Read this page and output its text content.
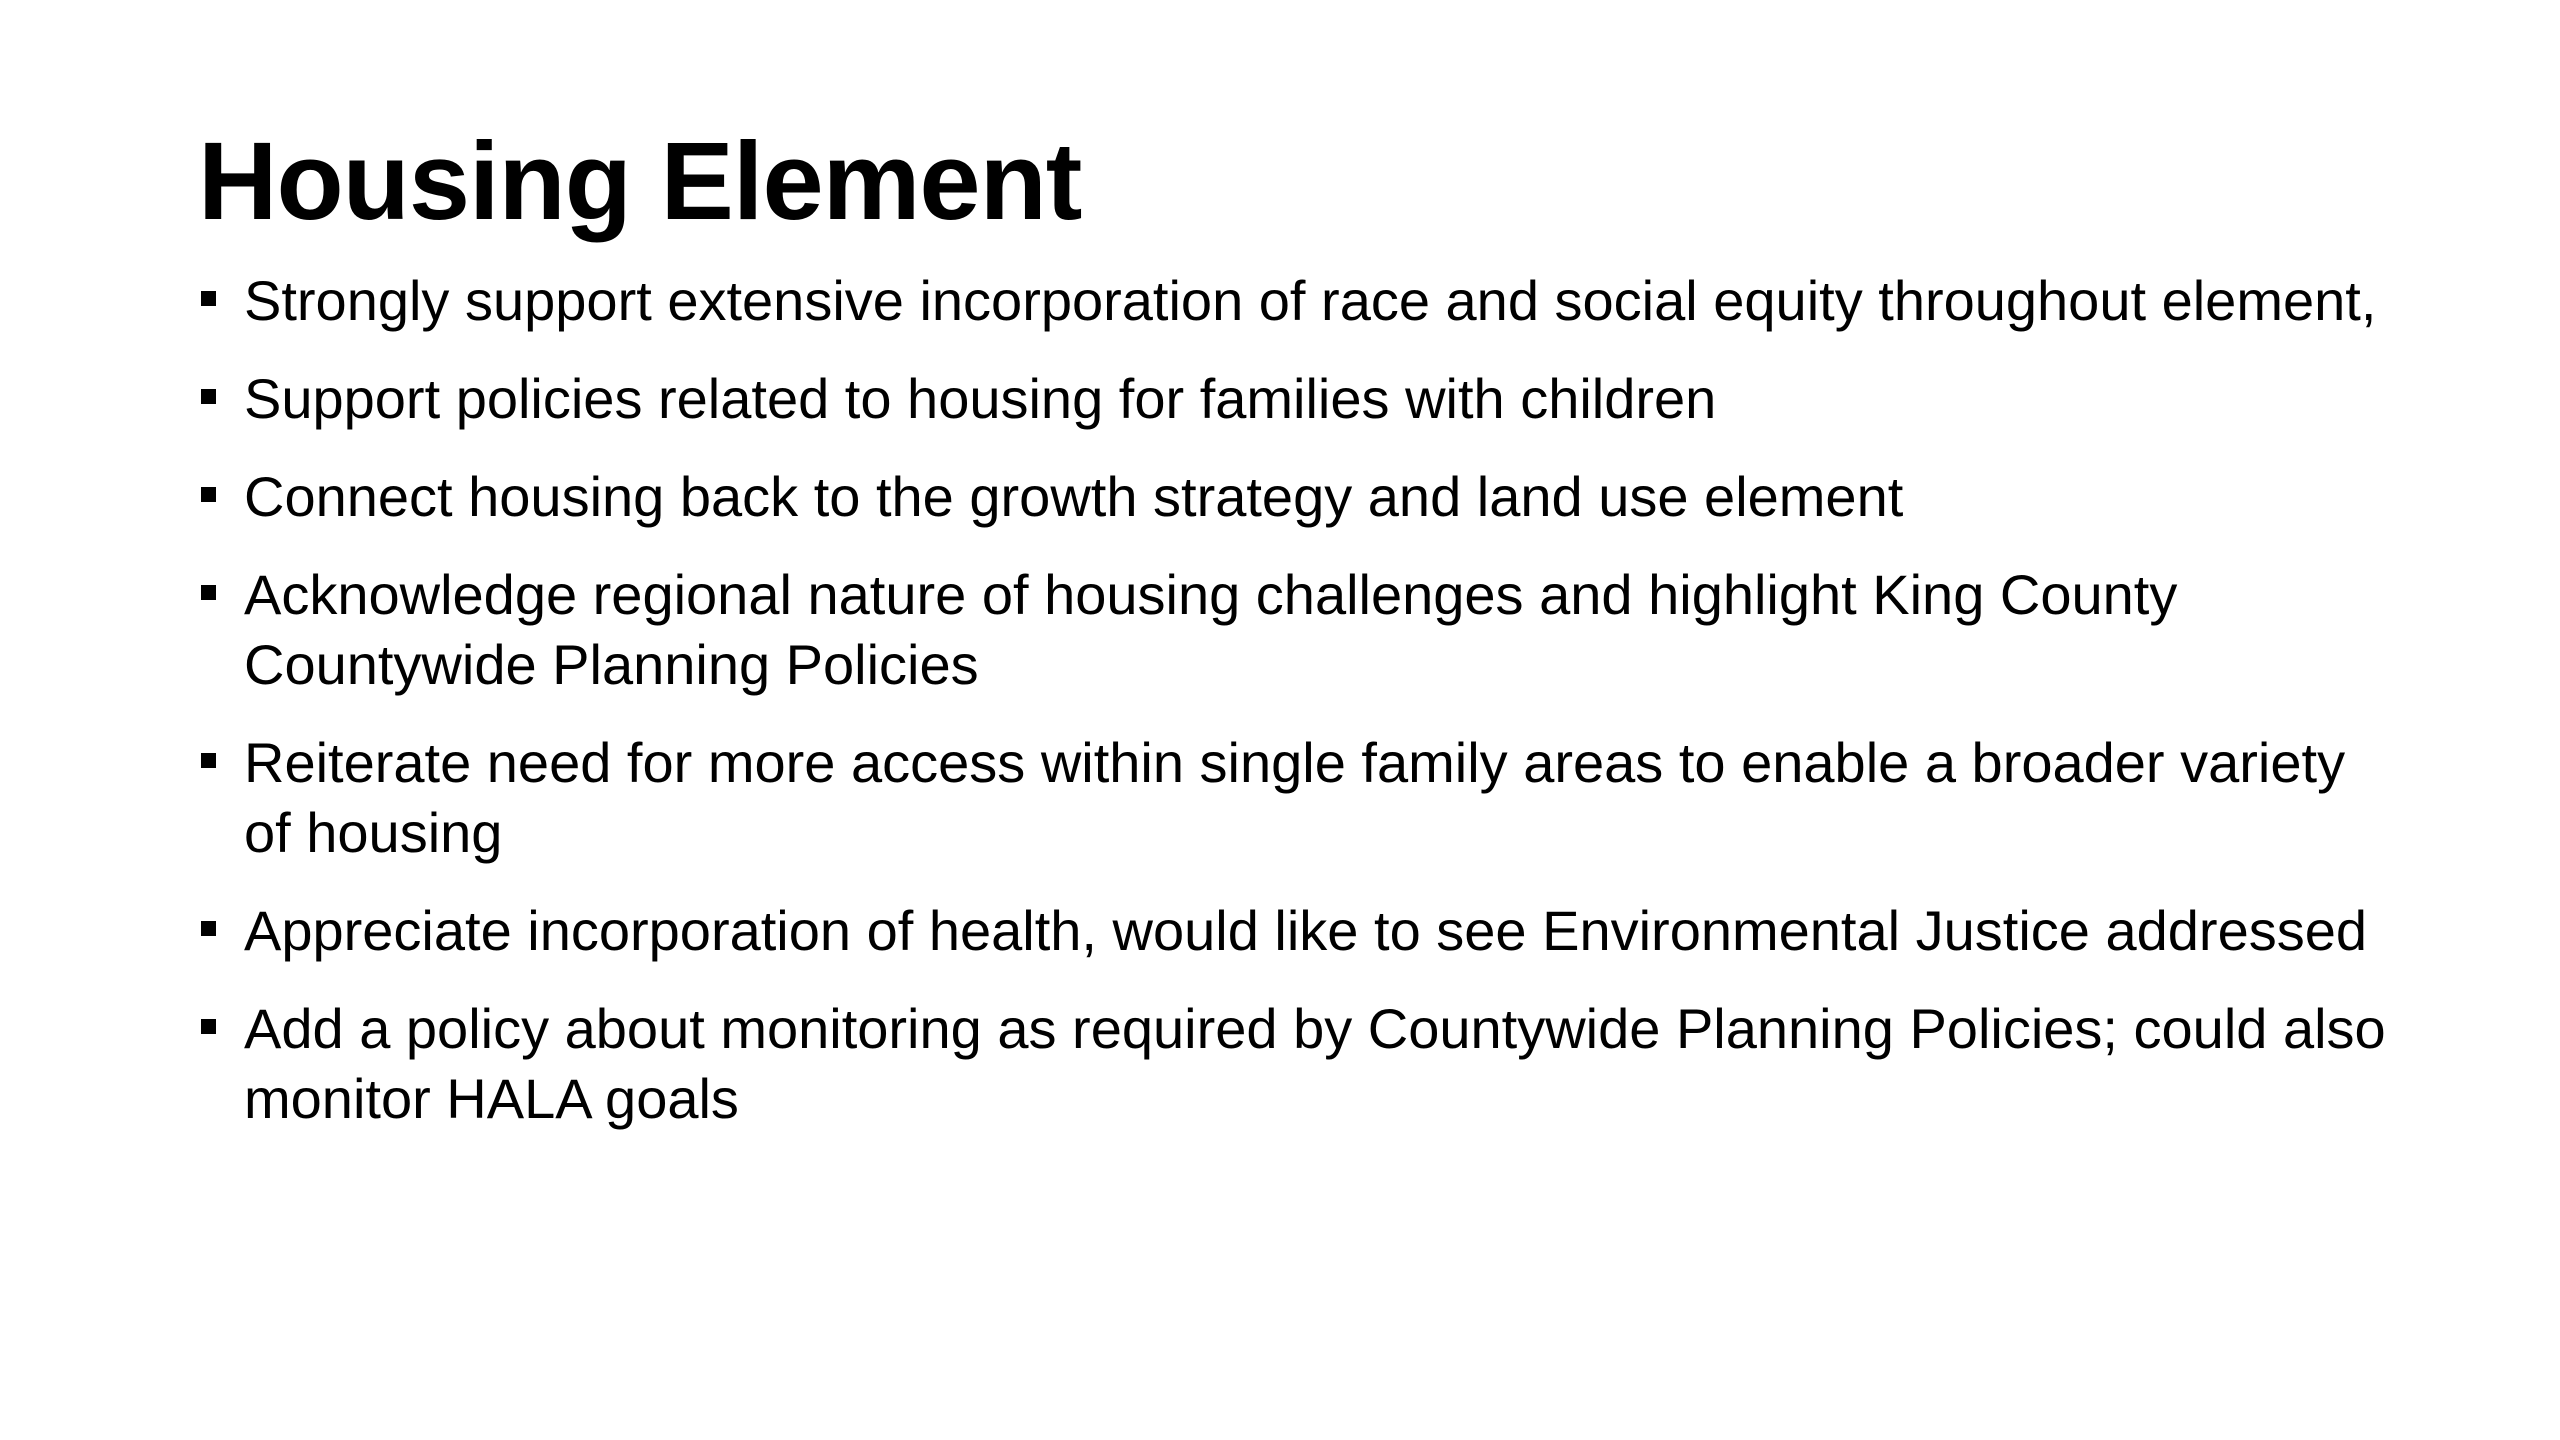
Housing Element
Strongly support extensive incorporation of race and social equity throughout element,
Support policies related to housing for families with children
Connect housing back to the growth strategy and land use element
Acknowledge regional nature of housing challenges and highlight King County Countywide Planning Policies
Reiterate need for more access within single family areas to enable a broader variety of housing
Appreciate incorporation of health, would like to see Environmental Justice addressed
Add a policy about monitoring as required by Countywide Planning Policies; could also monitor HALA goals
